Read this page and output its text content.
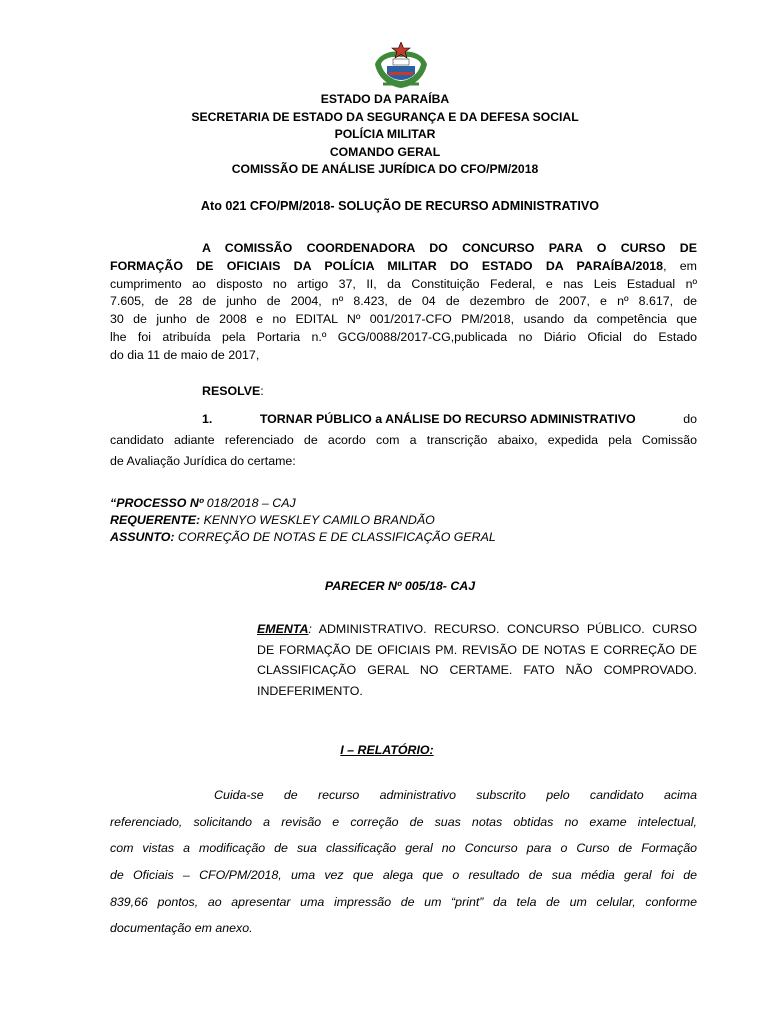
ESTADO DA PARAÍBA
SECRETARIA DE ESTADO DA SEGURANÇA E DA DEFESA SOCIAL
POLÍCIA MILITAR
COMANDO GERAL
COMISSÃO DE ANÁLISE JURÍDICA DO CFO/PM/2018
Ato 021 CFO/PM/2018- SOLUÇÃO DE RECURSO ADMINISTRATIVO
A COMISSÃO COORDENADORA DO CONCURSO PARA O CURSO DE
FORMAÇÃO DE OFICIAIS DA POLÍCIA MILITAR DO ESTADO DA PARAÍBA/2018, em
cumprimento ao disposto no artigo 37, II, da Constituição Federal, e nas Leis Estadual nº
7.605, de 28 de junho de 2004, nº 8.423, de 04 de dezembro de 2007, e nº 8.617, de
30 de junho de 2008 e no EDITAL Nº 001/2017-CFO PM/2018, usando da competência que
lhe foi atribuída pela Portaria n.º GCG/0088/2017-CG,publicada no Diário Oficial do Estado
do dia 11 de maio de 2017,
RESOLVE:
1.	TORNAR PÚBLICO a ANÁLISE DO RECURSO ADMINISTRATIVO	do
candidato adiante referenciado de acordo com a transcrição abaixo, expedida pela Comissão
de Avaliação Jurídica do certame:
“PROCESSO Nº 018/2018 – CAJ
REQUERENTE: KENNYO WESKLEY CAMILO BRANDÃO
ASSUNTO: CORREÇÃO DE NOTAS E DE CLASSIFICAÇÃO GERAL
PARECER Nº 005/18- CAJ
EMENTA: ADMINISTRATIVO. RECURSO. CONCURSO PÚBLICO. CURSO
DE FORMAÇÃO DE OFICIAIS PM. REVISÃO DE NOTAS E CORREÇÃO DE
CLASSIFICAÇÃO GERAL NO CERTAME. FATO NÃO COMPROVADO.
INDEFERIMENTO.
I – RELATÓRIO:
Cuida-se de recurso administrativo subscrito pelo candidato acima
referenciado, solicitando a revisão e correção de suas notas obtidas no exame intelectual,
com vistas a modificação de sua classificação geral no Concurso para o Curso de Formação
de Oficiais – CFO/PM/2018, uma vez que alega que o resultado de sua média geral foi de
839,66 pontos, ao apresentar uma impressão de um “print” da tela de um celular, conforme
documentação em anexo.
